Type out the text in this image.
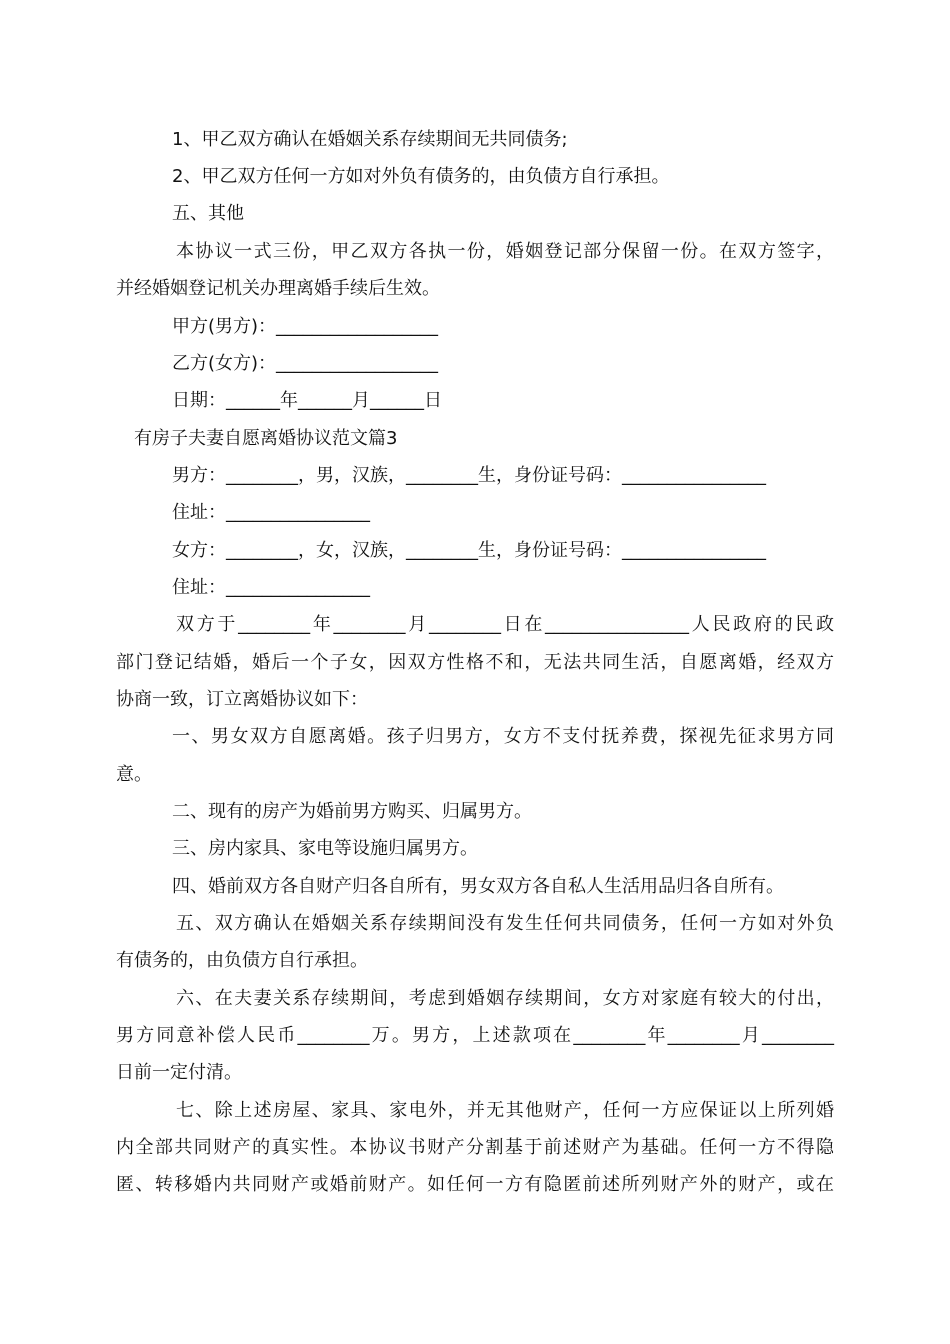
1、甲乙双方确认在婚姻关系存续期间无共同债务;
2、甲乙双方任何一方如对外负有债务的，由负债方自行承担。
五、其他
本协议一式三份，甲乙双方各执一份，婚姻登记部分保留一份。在双方签字，
并经婚姻登记机关办理离婚手续后生效。
甲方(男方)：__________________
乙方(女方)：__________________
日期：______年______月______日
有房子夫妻自愿离婚协议范文篇3
男方：________，男，汉族，________生，身份证号码：________________
住址：________________
女方：________，女，汉族，________生，身份证号码：________________
住址：________________
双方于________年________月________日在________________人民政府的民政
部门登记结婚，婚后一个子女，因双方性格不和，无法共同生活，自愿离婚，经双方
协商一致，订立离婚协议如下：
一、男女双方自愿离婚。孩子归男方，女方不支付抚养费，探视先征求男方同
意。
二、现有的房产为婚前男方购买、归属男方。
三、房内家具、家电等设施归属男方。
四、婚前双方各自财产归各自所有，男女双方各自私人生活用品归各自所有。
五、双方确认在婚姻关系存续期间没有发生任何共同债务，任何一方如对外负
有债务的，由负债方自行承担。
六、在夫妻关系存续期间，考虑到婚姻存续期间，女方对家庭有较大的付出，
男方同意补偿人民币________万。男方，上述款项在________年________月________
日前一定付清。
七、除上述房屋、家具、家电外，并无其他财产，任何一方应保证以上所列婚
内全部共同财产的真实性。本协议书财产分割基于前述财产为基础。任何一方不得隐
匿、转移婚内共同财产或婚前财产。如任何一方有隐匿前述所列财产外的财产，或在
